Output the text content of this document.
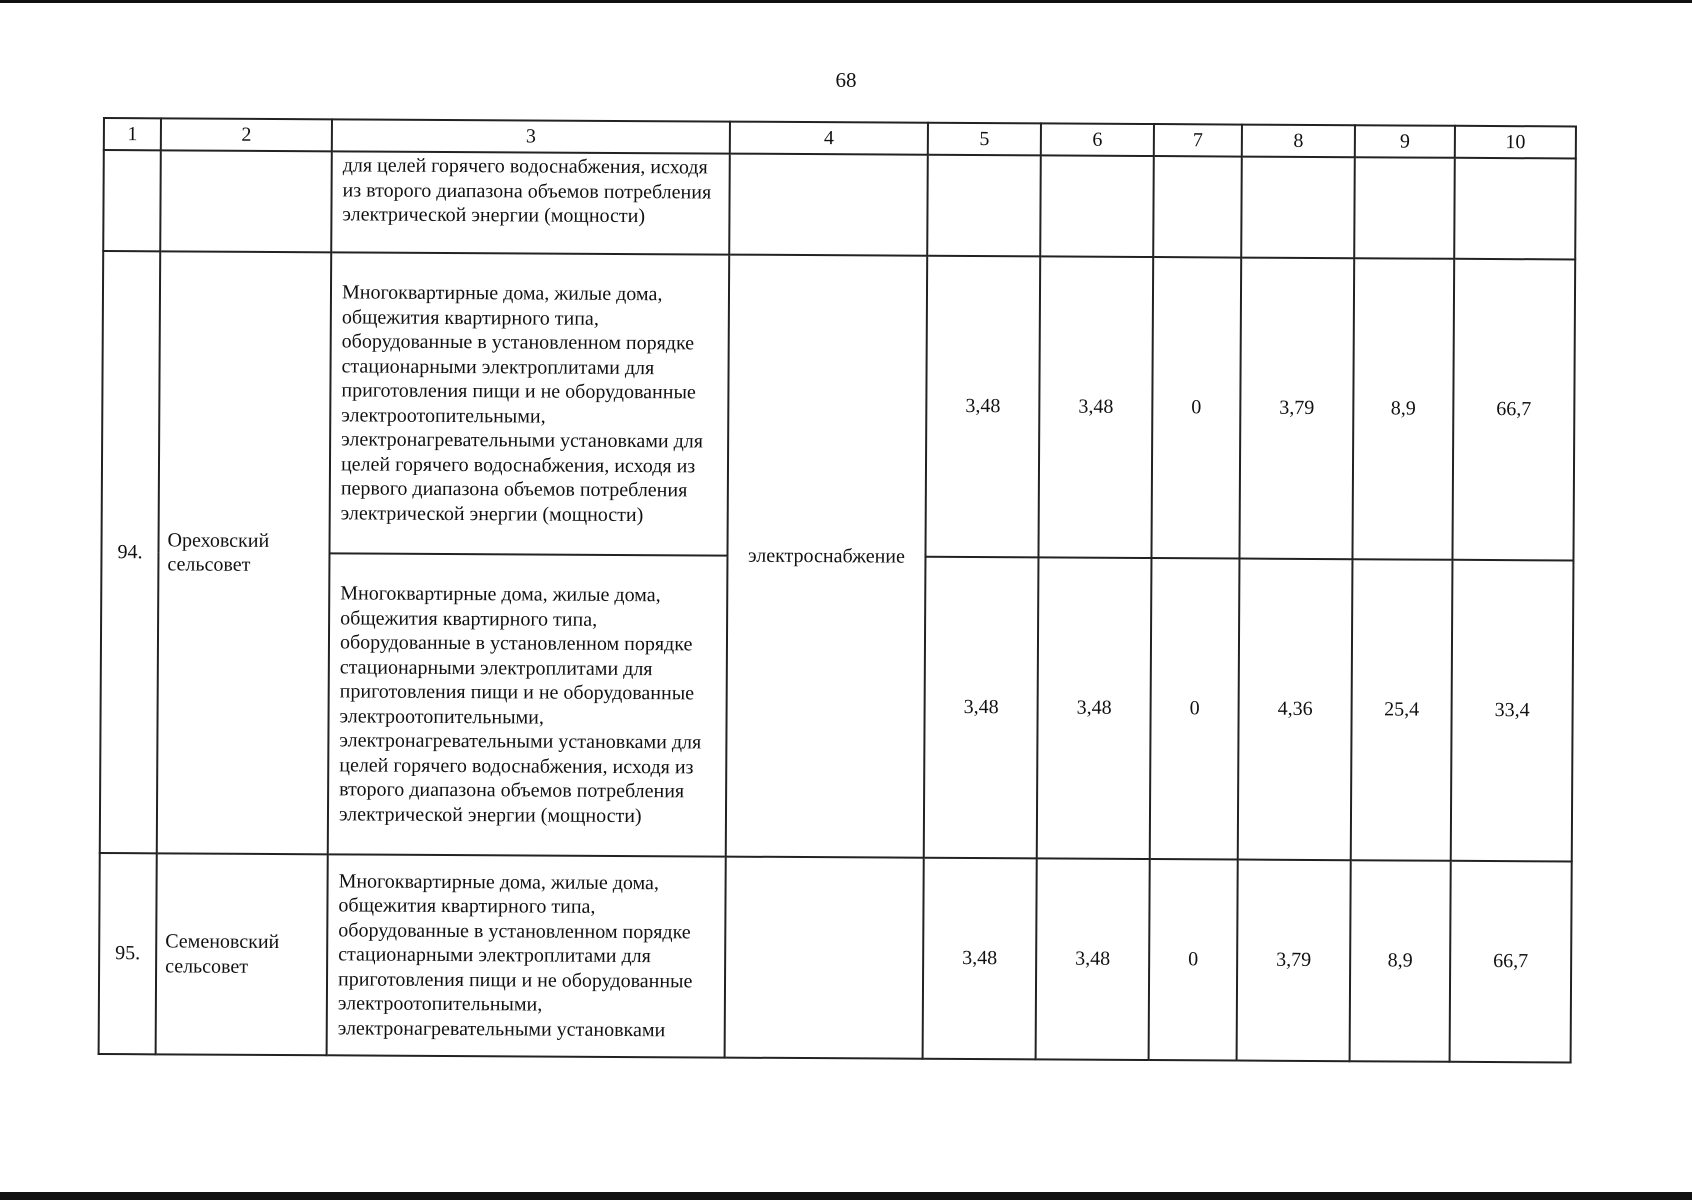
68
1	2	3	4	5	6	7	8	9	10
		для целей горячего водоснабжения, исходя из второго диапазона объемов потребления электрической энергии (мощности)							
94.	Ореховский сельсовет	Многоквартирные дома, жилые дома, общежития квартирного типа, оборудованные в установленном порядке стационарными электроплитами для приготовления пищи и не оборудованные электроотопительными, электронагревательными установками для целей горячего водоснабжения, исходя из первого диапазона объемов потребления электрической энергии (мощности)	электроснабжение	3,48	3,48	0	3,79	8,9	66,7
		Многоквартирные дома, жилые дома, общежития квартирного типа, оборудованные в установленном порядке стационарными электроплитами для приготовления пищи и не оборудованные электроотопительными, электронагревательными установками для целей горячего водоснабжения, исходя из второго диапазона объемов потребления электрической энергии (мощности)		3,48	3,48	0	4,36	25,4	33,4
95.	Семеновский сельсовет	Многоквартирные дома, жилые дома, общежития квартирного типа, оборудованные в установленном порядке стационарными электроплитами для приготовления пищи и не оборудованные электроотопительными, электронагревательными установками		3,48	3,48	0	3,79	8,9	66,7
